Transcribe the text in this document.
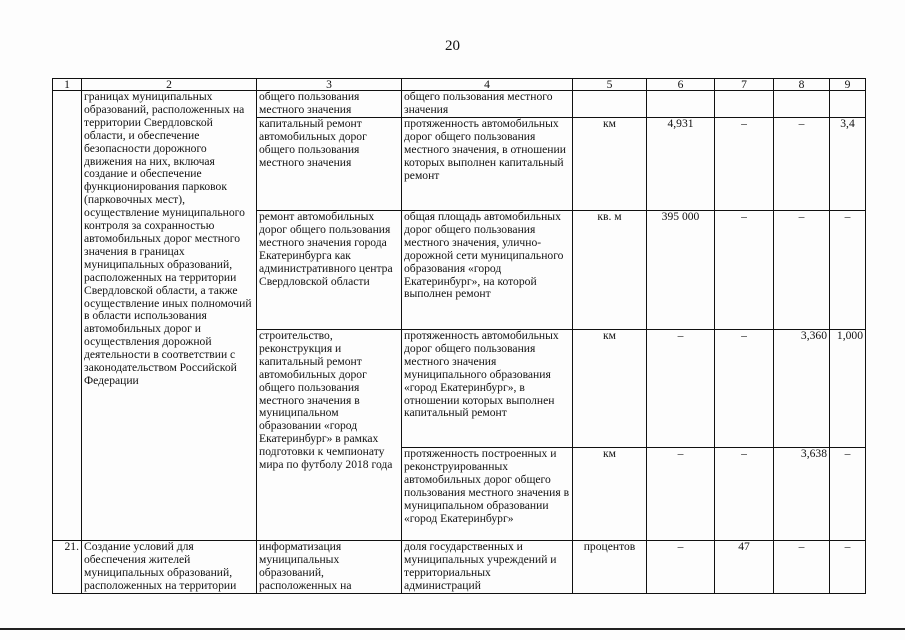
20
1	2	3	4	5	6	7	8	9
	границах муниципальных образований, расположенных на территории Свердловской области, и обеспечение безопасности дорожного движения на них, включая создание и обеспечение функционирования парковок (парковочных мест), осуществление муниципального контроля за сохранностью автомобильных дорог местного значения в границах муниципальных образований, расположенных на территории Свердловской области, а также осуществление иных полномочий в области использования автомобильных дорог и осуществления дорожной деятельности в соответствии с законодательством Российской Федерации	общего пользования местного значения	общего пользования местного значения					
		капитальный ремонт автомобильных дорог общего пользования местного значения	протяженность автомобильных дорог общего пользования местного значения, в отношении которых выполнен капитальный ремонт	км	4,931	–	–	3,4
		ремонт автомобильных дорог общего пользования местного значения города Екатеринбурга как административного центра Свердловской области	общая площадь автомобильных дорог общего пользования местного значения, улично-дорожной сети муниципального образования «город Екатеринбург», на которой выполнен ремонт	кв. м	395 000	–	–	–
		строительство, реконструкция и капитальный ремонт автомобильных дорог общего пользования местного значения в муниципальном образовании «город Екатеринбург» в рамках подготовки к чемпионату мира по футболу 2018 года	протяженность автомобильных дорог общего пользования местного значения муниципального образования «город Екатеринбург», в отношении которых выполнен капитальный ремонт	км	–	–	3,360	1,000
			протяженность построенных и реконструированных автомобильных дорог общего пользования местного значения в муниципальном образовании «город Екатеринбург»	км	–	–	3,638	–
21.	Создание условий для обеспечения жителей муниципальных образований, расположенных на территории	информатизация муниципальных образований, расположенных на	доля государственных и муниципальных учреждений и территориальных администраций	процентов	–	47	–	–
